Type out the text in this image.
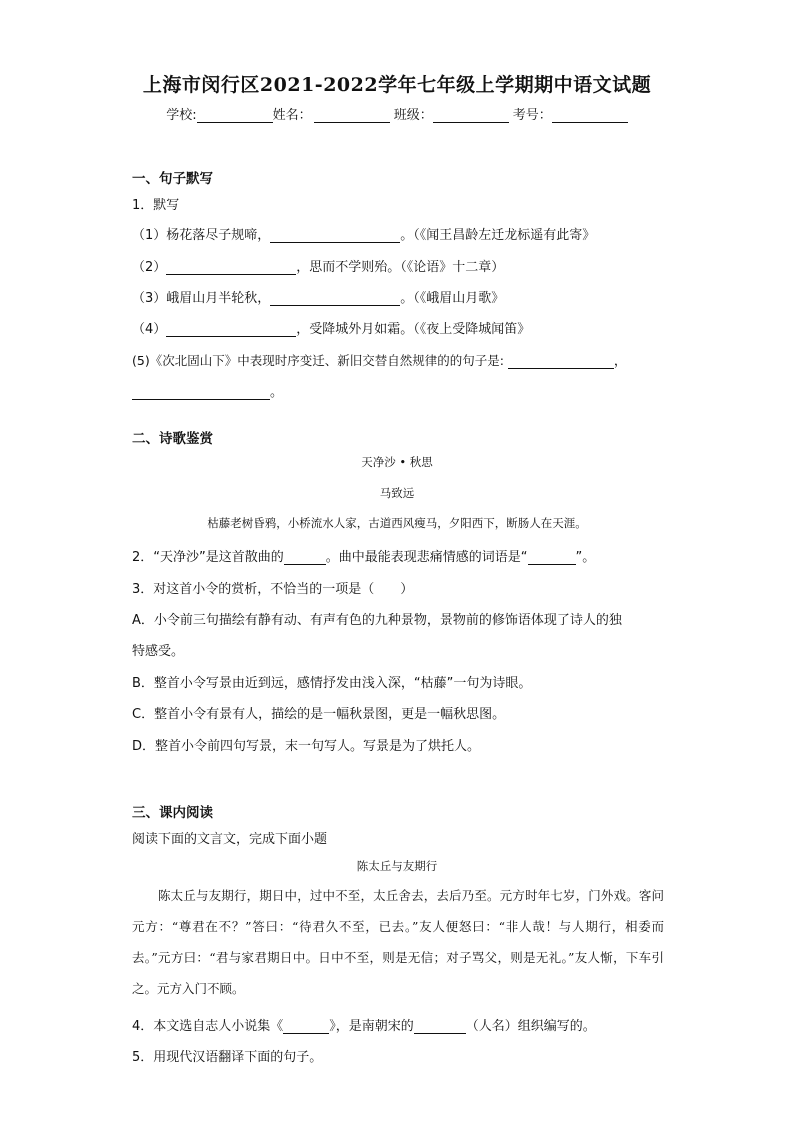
上海市闵行区2021-2022学年七年级上学期期中语文试题
学校:	姓名：	班级：	考号：
一、句子默写
1．默写
（1）杨花落尽子规啼，	。（《闻王昌龄左迁龙标遥有此寄》
（2）	，思而不学则殆。（《论语》十二章）
（3）峨眉山月半轮秋，	。（《峨眉山月歌》
（4）	，受降城外月如霜。（《夜上受降城闻笛》
(5)《次北固山下》中表现时序变迁、新旧交替自然规律的的句子是:	，
。
二、诗歌鉴赏
天净沙 • 秋思
马致远
枯藤老树昏鸦，小桥流水人家，古道西风瘦马，夕阳西下，断肠人在天涯。
2．“天净沙”是这首散曲的	。曲中最能表现悲痛情感的词语是“	”。
3．对这首小令的赏析，不恰当的一项是（　　）
A．小令前三句描绘有静有动、有声有色的九种景物，景物前的修饰语体现了诗人的独
特感受。
B．整首小令写景由近到远，感情抒发由浅入深，“枯藤”一句为诗眼。
C．整首小令有景有人，描绘的是一幅秋景图，更是一幅秋思图。
D．整首小令前四句写景，末一句写人。写景是为了烘托人。
三、课内阅读
阅读下面的文言文，完成下面小题
陈太丘与友期行

陈太丘与友期行，期日中，过中不至，太丘舍去，去后乃至。元方时年七岁，门外戏。客问元方：“尊君在不？”答曰：“待君久不至，已去。”友人便怒曰：“非人哉！与人期行，相委而去。”元方曰：“君与家君期日中。日中不至，则是无信；对子骂父，则是无礼。”友人惭，下车引之。元方入门不顾。

4．本文选自志人小说集《	》，是南朝宋的	（人名）组织编写的。
5．用现代汉语翻译下面的句子。
